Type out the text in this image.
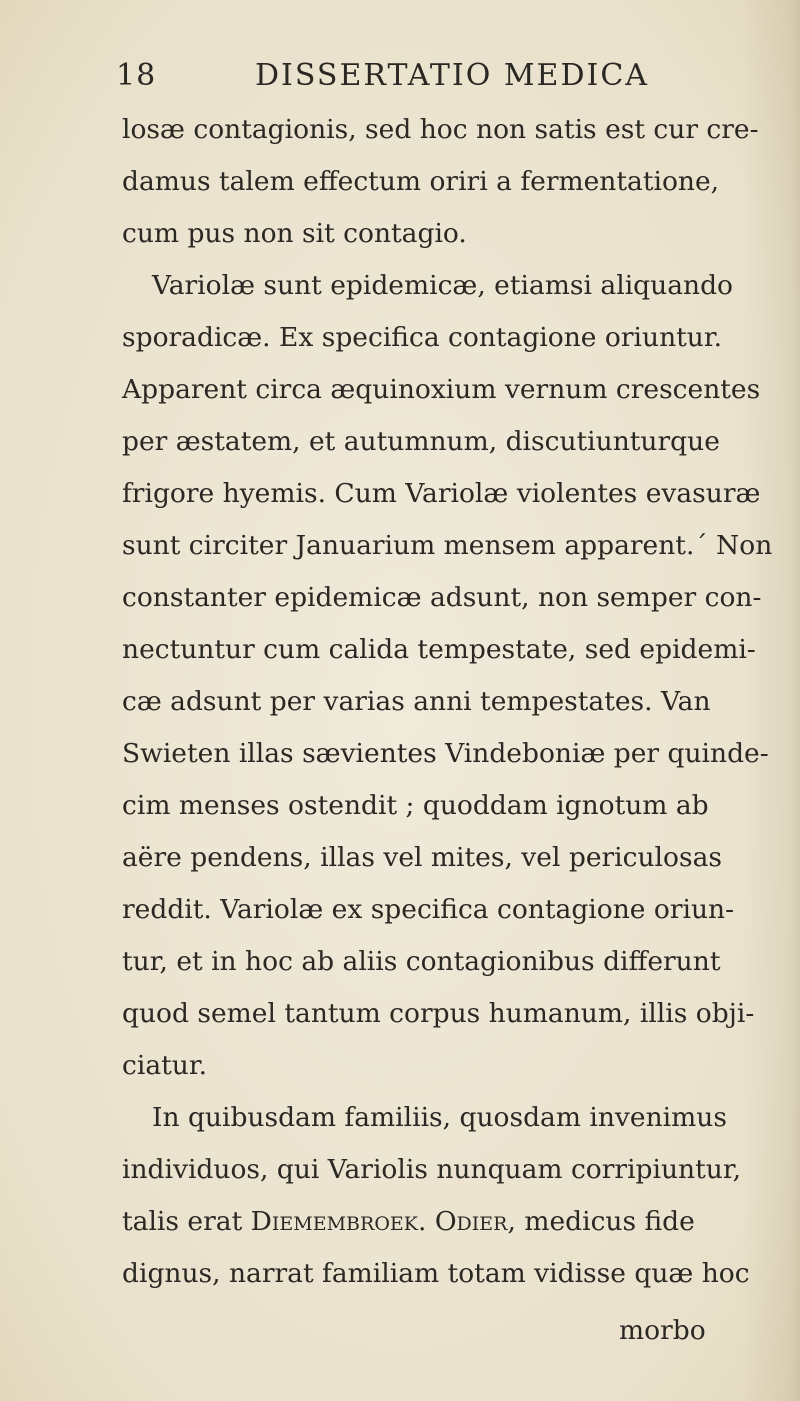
18	DISSERTATIO MEDICA
losæ contagionis, sed hoc non satis est cur cre-
damus talem effectum oriri a fermentatione,
cum pus non sit contagio.
Variolæ sunt epidemicæ, etiamsi aliquando
sporadicæ. Ex specifica contagione oriuntur.
Apparent circa æquinoxium vernum crescentes
per æstatem, et autumnum, discutiunturque
frigore hyemis. Cum Variolæ violentes evasuræ
sunt circiter Januarium mensem apparent.´ Non
constanter epidemicæ adsunt, non semper con-
nectuntur cum calida tempestate, sed epidemi-
cæ adsunt per varias anni tempestates. Van
Swieten illas sævientes Vindeboniæ per quinde-
cim menses ostendit ; quoddam ignotum ab
aëre pendens, illas vel mites, vel periculosas
reddit. Variolæ ex specifica contagione oriun-
tur, et in hoc ab aliis contagionibus differunt
quod semel tantum corpus humanum, illis obji-
ciatur.
In quibusdam familiis, quosdam invenimus
individuos, qui Variolis nunquam corripiuntur,
talis erat Diemembroek. Odier, medicus fide
dignus, narrat familiam totam vidisse quæ hoc
morbo
